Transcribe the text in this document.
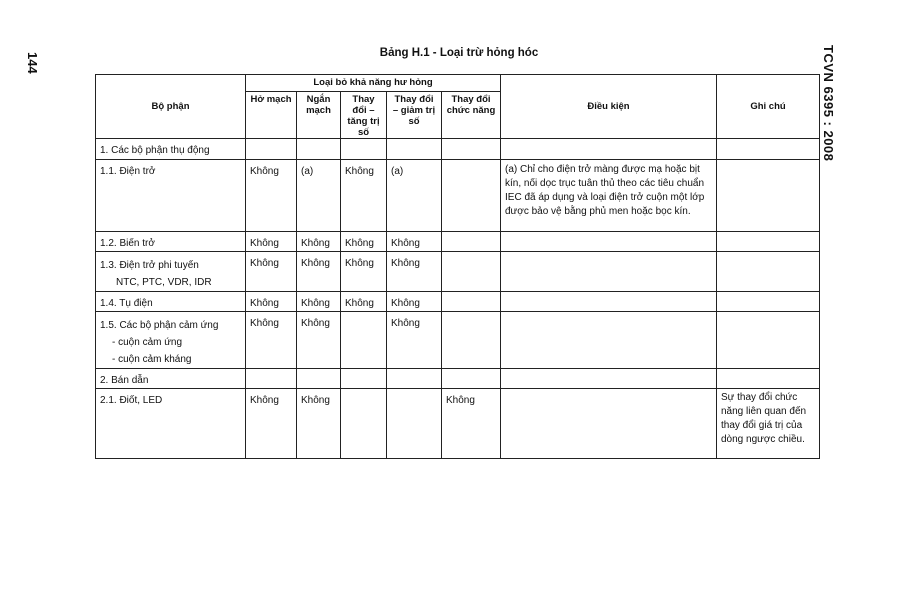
144	TCVN 6395 : 2008
Bảng H.1 - Loại trừ hỏng hóc
Bộ phận	Loại bỏ khả năng hư hỏng					Điều kiện	Ghi chú
	Hở mạch	Ngắn mạch	Thay đổi – tăng trị số	Thay đổi – giảm trị số	Thay đổi chức năng		
1. Các bộ phận thụ động							
1.1. Điện trở	Không	(a)	Không	(a)		(a) Chỉ cho điện trở màng được mạ hoặc bịt
kín, nối dọc trục tuân thủ theo các tiêu chuẩn
IEC đã áp dụng và loại điện trở cuộn một lớp
được bảo vệ bằng phủ men hoặc bọc kín.	

1.2. Biến trở	Không	Không	Không	Không			

1.3. Điện trở phi tuyến
NTC, PTC, VDR, IDR	Không	Không	Không	Không			
1.4. Tụ điện	Không	Không	Không	Không			

1.5. Các bộ phận cảm ứng
- cuộn cảm ứng
- cuộn cảm kháng	Không	Không		Không			
2. Bán dẫn							
2.1. Điốt, LED	Không	Không			Không		Sự thay đổi chức
năng liên quan đến
thay đổi giá trị của
dòng ngược chiều.
